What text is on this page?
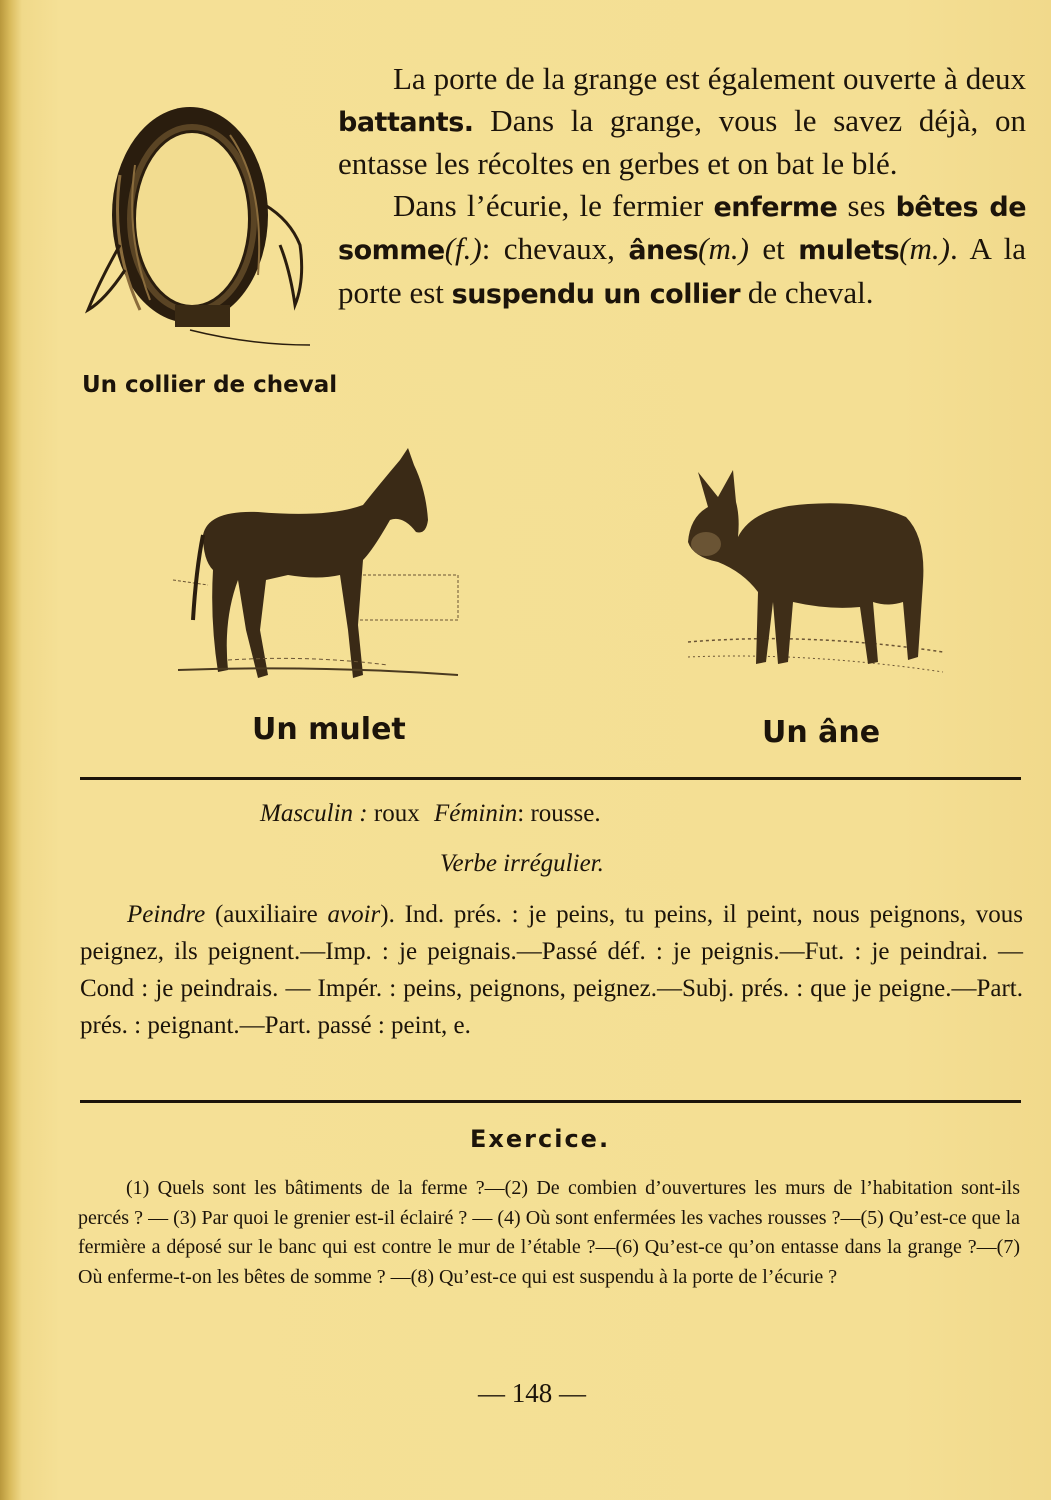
La porte de la grange est également ouverte à deux battants. Dans la grange, vous le savez déjà, on entasse les récoltes en gerbes et on bat le blé.

Dans l’écurie, le fermier enferme ses bêtes de somme(f.): chevaux, ânes(m.) et mulets(m.). A la porte est suspendu un collier de cheval.

Un collier de cheval
Un mulet	Un âne
Masculin : roux Féminin: rousse.
Verbe irrégulier.

Peindre (auxiliaire avoir). Ind. prés. : je peins, tu peins, il peint, nous peignons, vous peignez, ils peignent.—Imp. : je peignais.—Passé déf. : je peignis.—Fut. : je peindrai. — Cond : je peindrais. — Impér. : peins, peignons, peignez.—Subj. prés. : que je peigne.—Part. prés. : peignant.—Part. passé : peint, e.

Exercice.

(1) Quels sont les bâtiments de la ferme ?—(2) De combien d’ouvertures les murs de l’habitation sont-ils percés ? — (3) Par quoi le grenier est-il éclairé ? — (4) Où sont enfermées les vaches rousses ?—(5) Qu’est-ce que la fermière a déposé sur le banc qui est contre le mur de l’étable ?—(6) Qu’est-ce qu’on entasse dans la grange ?—(7) Où enferme-t-on les bêtes de somme ? —(8) Qu’est-ce qui est suspendu à la porte de l’écurie ?

— 148 —
